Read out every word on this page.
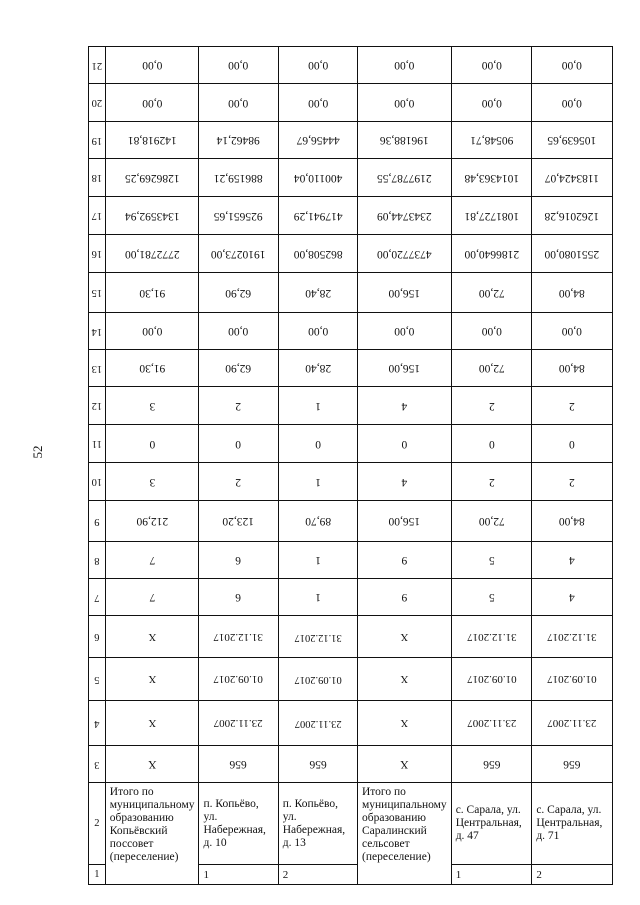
52
21	0,00	0,00	0,00	0,00	0,00	0,00

20	0,00	0,00	0,00	0,00	0,00	0,00

19	142918,81	98462,14	44456,67	196188,36	90548,71	105639,65

18	1286269,25	886159,21	400110,04	2197787,55	1014363,48	1183424,07

17	1343592,94	925651,65	417941,29	2343744,09	1081727,81	1262016,28

16	2772781,00	1910273,00	862508,00	4737720,00	2186640,00	2551080,00

15	91,30	62,90	28,40	156,00	72,00	84,00

14	0,00	0,00	0,00	0,00	0,00	0,00

13	91,30	62,90	28,40	156,00	72,00	84,00

12	3	2	1	4	2	2

11	0	0	0	0	0	0

10	3	2	1	4	2	2

9	212,90	123,20	89,70	156,00	72,00	84,00

8	7	6	1	9	5	4

7	7	6	1	9	5	4

6	X	31.12.2017	31.12.2017	X	31.12.2017	31.12.2017

5	X	01.09.2017	01.09.2017	X	01.09.2017	01.09.2017

4	X	23.11.2007	23.11.2007	X	23.11.2007	23.11.2007

3	X	656	656	X	656	656

2	Итого по муниципальному образованию Копьёвский поссовет (переселение)	п. Копьёво, ул. Набережная, д. 10	п. Копьёво, ул. Набережная, д. 13	Итого по муниципальному образованию Саралинский сельсовет (переселение)	с. Сарала, ул. Центральная, д. 47	с. Сарала, ул. Центральная, д. 71

1		1	2		1	2
